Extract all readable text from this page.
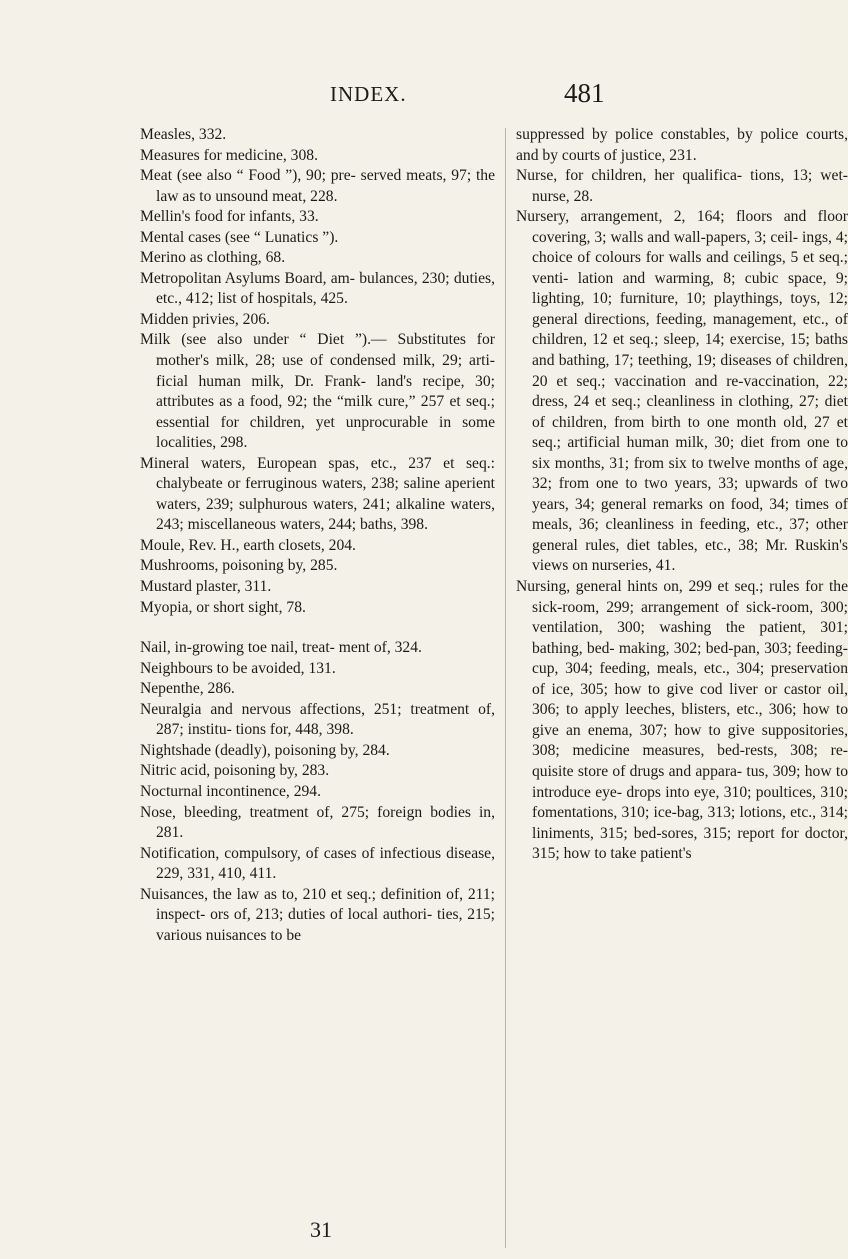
INDEX.	481

Measles, 332.

Measures for medicine, 308.

Meat (see also “ Food ”), 90; pre- served meats, 97; the law as to unsound meat, 228.

Mellin's food for infants, 33.

Mental cases (see “ Lunatics ”).

Merino as clothing, 68.

Metropolitan Asylums Board, am- bulances, 230; duties, etc., 412; list of hospitals, 425.

Midden privies, 206.

Milk (see also under “ Diet ”).— Substitutes for mother's milk, 28; use of condensed milk, 29; arti- ficial human milk, Dr. Frank- land's recipe, 30; attributes as a food, 92; the “milk cure,” 257 et seq.; essential for children, yet unprocurable in some localities, 298.

Mineral waters, European spas, etc., 237 et seq.: chalybeate or ferruginous waters, 238; saline aperient waters, 239; sulphurous waters, 241; alkaline waters, 243; miscellaneous waters, 244; baths, 398.

Moule, Rev. H., earth closets, 204.

Mushrooms, poisoning by, 285.

Mustard plaster, 311.

Myopia, or short sight, 78.

Nail, in-growing toe nail, treat- ment of, 324.

Neighbours to be avoided, 131.

Nepenthe, 286.

Neuralgia and nervous affections, 251; treatment of, 287; institu- tions for, 448, 398.

Nightshade (deadly), poisoning by, 284.

Nitric acid, poisoning by, 283.

Nocturnal incontinence, 294.

Nose, bleeding, treatment of, 275; foreign bodies in, 281.

Notification, compulsory, of cases of infectious disease, 229, 331, 410, 411.

Nuisances, the law as to, 210 et seq.; definition of, 211; inspect- ors of, 213; duties of local authori- ties, 215; various nuisances to be

suppressed by police constables, by police courts, and by courts of justice, 231.

Nurse, for children, her qualifica- tions, 13; wet-nurse, 28.

Nursery, arrangement, 2, 164; floors and floor covering, 3; walls and wall-papers, 3; ceil- ings, 4; choice of colours for walls and ceilings, 5 et seq.; venti- lation and warming, 8; cubic space, 9; lighting, 10; furniture, 10; playthings, toys, 12; general directions, feeding, management, etc., of children, 12 et seq.; sleep, 14; exercise, 15; baths and bathing, 17; teething, 19; diseases of children, 20 et seq.; vaccination and re-vaccination, 22; dress, 24 et seq.; cleanliness in clothing, 27; diet of children, from birth to one month old, 27 et seq.; artificial human milk, 30; diet from one to six months, 31; from six to twelve months of age, 32; from one to two years, 33; upwards of two years, 34; general remarks on food, 34; times of meals, 36; cleanliness in feeding, etc., 37; other general rules, diet tables, etc., 38; Mr. Ruskin's views on nurseries, 41.

Nursing, general hints on, 299 et seq.; rules for the sick-room, 299; arrangement of sick-room, 300; ventilation, 300; washing the patient, 301; bathing, bed- making, 302; bed-pan, 303; feeding-cup, 304; feeding, meals, etc., 304; preservation of ice, 305; how to give cod liver or castor oil, 306; to apply leeches, blisters, etc., 306; how to give an enema, 307; how to give suppositories, 308; medicine measures, bed-rests, 308; re- quisite store of drugs and appara- tus, 309; how to introduce eye- drops into eye, 310; poultices, 310; fomentations, 310; ice-bag, 313; lotions, etc., 314; liniments, 315; bed-sores, 315; report for doctor, 315; how to take patient's

31
